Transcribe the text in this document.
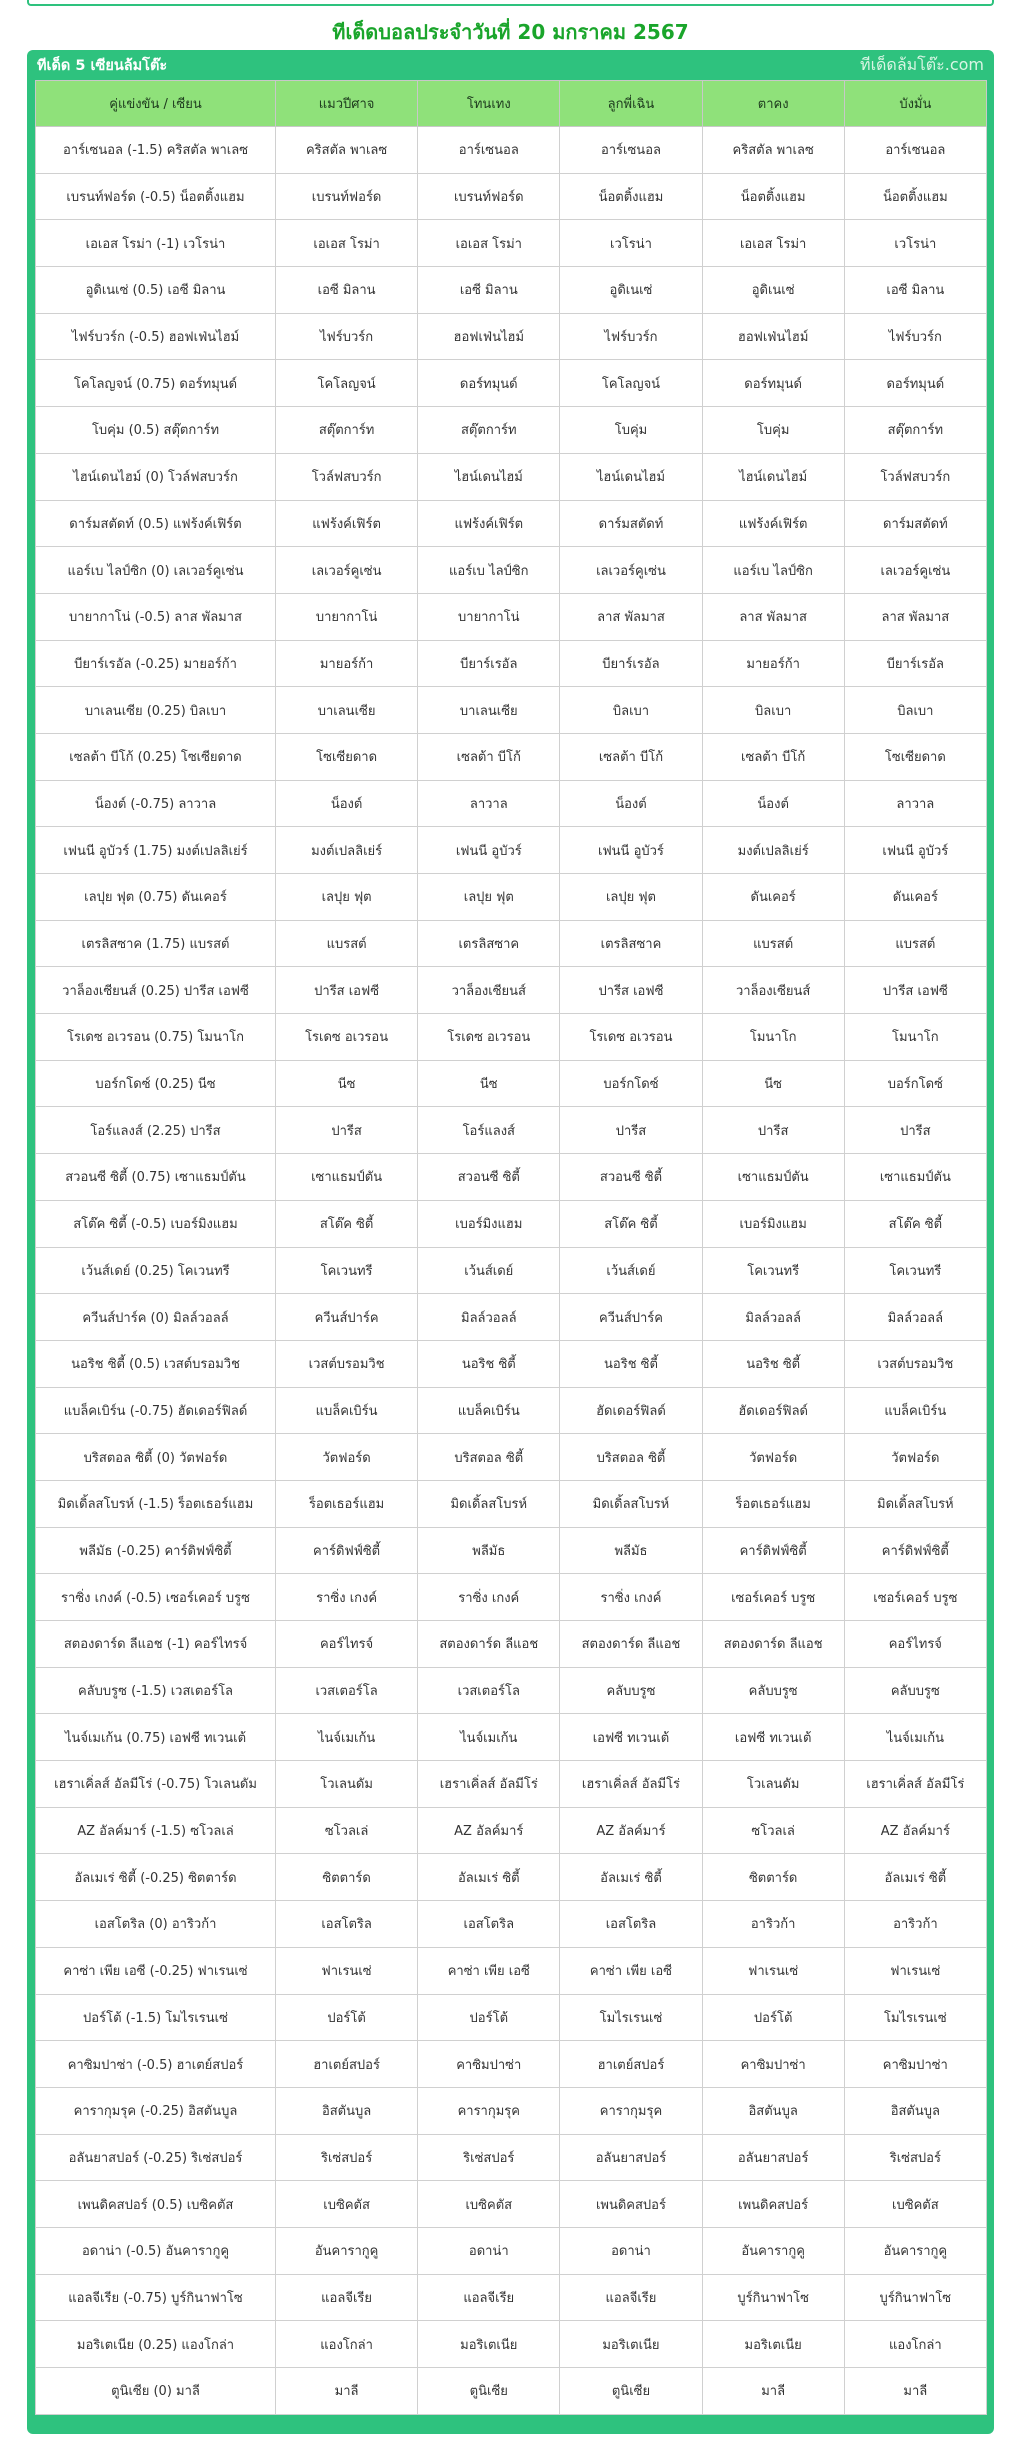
ทีเด็ดบอลประจำวันที่ 20 มกราคม 2567
ทีเด็ด 5 เซียนล้มโต๊ะ	ทีเด็ดล้มโต๊ะ.com
คู่แข่งขัน / เซียน	แมวปีศาจ	โทนเทง	ลูกพี่เฉิน	ตาคง	บังมั่น
อาร์เซนอล (-1.5) คริสตัล พาเลซ	คริสตัล พาเลซ	อาร์เซนอล	อาร์เซนอล	คริสตัล พาเลซ	อาร์เซนอล
เบรนท์ฟอร์ด (-0.5) น็อตติ้งแฮม	เบรนท์ฟอร์ด	เบรนท์ฟอร์ด	น็อตติ้งแฮม	น็อตติ้งแฮม	น็อตติ้งแฮม
เอเอส โรม่า (-1) เวโรน่า	เอเอส โรม่า	เอเอส โรม่า	เวโรน่า	เอเอส โรม่า	เวโรน่า
อูดิเนเซ่ (0.5) เอซี มิลาน	เอซี มิลาน	เอซี มิลาน	อูดิเนเซ่	อูดิเนเซ่	เอซี มิลาน
ไฟร์บวร์ก (-0.5) ฮอฟเฟ่นไฮม์	ไฟร์บวร์ก	ฮอฟเฟ่นไฮม์	ไฟร์บวร์ก	ฮอฟเฟ่นไฮม์	ไฟร์บวร์ก
โคโลญจน์ (0.75) ดอร์ทมุนด์	โคโลญจน์	ดอร์ทมุนด์	โคโลญจน์	ดอร์ทมุนด์	ดอร์ทมุนด์
โบคุ่ม (0.5) สตุ๊ตการ์ท	สตุ๊ตการ์ท	สตุ๊ตการ์ท	โบคุ่ม	โบคุ่ม	สตุ๊ตการ์ท
ไฮน์เดนไฮม์ (0) โวล์ฟสบวร์ก	โวล์ฟสบวร์ก	ไฮน์เดนไฮม์	ไฮน์เดนไฮม์	ไฮน์เดนไฮม์	โวล์ฟสบวร์ก
ดาร์มสตัดท์ (0.5) แฟร้งค์เฟิร์ต	แฟร้งค์เฟิร์ต	แฟร้งค์เฟิร์ต	ดาร์มสตัดท์	แฟร้งค์เฟิร์ต	ดาร์มสตัดท์
แอร์เบ ไลป์ซิก (0) เลเวอร์คูเซ่น	เลเวอร์คูเซ่น	แอร์เบ ไลป์ซิก	เลเวอร์คูเซ่น	แอร์เบ ไลป์ซิก	เลเวอร์คูเซ่น
บายากาโน่ (-0.5) ลาส พัลมาส	บายากาโน่	บายากาโน่	ลาส พัลมาส	ลาส พัลมาส	ลาส พัลมาส
บียาร์เรอัล (-0.25) มายอร์ก้า	มายอร์ก้า	บียาร์เรอัล	บียาร์เรอัล	มายอร์ก้า	บียาร์เรอัล
บาเลนเซีย (0.25) บิลเบา	บาเลนเซีย	บาเลนเซีย	บิลเบา	บิลเบา	บิลเบา
เซลต้า บีโก้ (0.25) โซเซียดาด	โซเซียดาด	เซลต้า บีโก้	เซลต้า บีโก้	เซลต้า บีโก้	โซเซียดาด
น็องต์ (-0.75) ลาวาล	น็องต์	ลาวาล	น็องต์	น็องต์	ลาวาล
เฟนนี อูบัวร์ (1.75) มงต์เปลลิเย่ร์	มงต์เปลลิเย่ร์	เฟนนี อูบัวร์	เฟนนี อูบัวร์	มงต์เปลลิเย่ร์	เฟนนี อูบัวร์
เลปุย ฟุต (0.75) ดันเคอร์	เลปุย ฟุต	เลปุย ฟุต	เลปุย ฟุต	ดันเคอร์	ดันเคอร์
เตรลิสซาค (1.75) แบรสต์	แบรสต์	เตรลิสซาค	เตรลิสซาค	แบรสต์	แบรสต์
วาล็องเซียนส์ (0.25) ปารีส เอฟซี	ปารีส เอฟซี	วาล็องเซียนส์	ปารีส เอฟซี	วาล็องเซียนส์	ปารีส เอฟซี
โรเดซ อเวรอน (0.75) โมนาโก	โรเดซ อเวรอน	โรเดซ อเวรอน	โรเดซ อเวรอน	โมนาโก	โมนาโก
บอร์กโดซ์ (0.25) นีซ	นีซ	นีซ	บอร์กโดซ์	นีซ	บอร์กโดซ์
โอร์แลงส์ (2.25) ปารีส	ปารีส	โอร์แลงส์	ปารีส	ปารีส	ปารีส
สวอนซี ซิตี้ (0.75) เซาแธมป์ตัน	เซาแธมป์ตัน	สวอนซี ซิตี้	สวอนซี ซิตี้	เซาแธมป์ตัน	เซาแธมป์ตัน
สโต๊ค ซิตี้ (-0.5) เบอร์มิงแฮม	สโต๊ค ซิตี้	เบอร์มิงแฮม	สโต๊ค ซิตี้	เบอร์มิงแฮม	สโต๊ค ซิตี้
เว้นส์เดย์ (0.25) โคเวนทรี	โคเวนทรี	เว้นส์เดย์	เว้นส์เดย์	โคเวนทรี	โคเวนทรี
ควีนส์ปาร์ค (0) มิลล์วอลล์	ควีนส์ปาร์ค	มิลล์วอลล์	ควีนส์ปาร์ค	มิลล์วอลล์	มิลล์วอลล์
นอริช ซิตี้ (0.5) เวสต์บรอมวิช	เวสต์บรอมวิช	นอริช ซิตี้	นอริช ซิตี้	นอริช ซิตี้	เวสต์บรอมวิช
แบล็คเบิร์น (-0.75) ฮัดเดอร์ฟิลด์	แบล็คเบิร์น	แบล็คเบิร์น	ฮัดเดอร์ฟิลด์	ฮัดเดอร์ฟิลด์	แบล็คเบิร์น
บริสตอล ซิตี้ (0) วัตฟอร์ด	วัตฟอร์ด	บริสตอล ซิตี้	บริสตอล ซิตี้	วัตฟอร์ด	วัตฟอร์ด
มิดเดิ้ลสโบรห์ (-1.5) ร็อตเธอร์แฮม	ร็อตเธอร์แฮม	มิดเดิ้ลสโบรห์	มิดเดิ้ลสโบรห์	ร็อตเธอร์แฮม	มิดเดิ้ลสโบรห์
พลีมัธ (-0.25) คาร์ดิฟฟ์ซิตี้	คาร์ดิฟฟ์ซิตี้	พลีมัธ	พลีมัธ	คาร์ดิฟฟ์ซิตี้	คาร์ดิฟฟ์ซิตี้
ราซิ่ง เกงค์ (-0.5) เซอร์เคอร์ บรูซ	ราซิ่ง เกงค์	ราซิ่ง เกงค์	ราซิ่ง เกงค์	เซอร์เคอร์ บรูซ	เซอร์เคอร์ บรูซ
สตองดาร์ด ลีแอช (-1) คอร์ไทรจ์	คอร์ไทรจ์	สตองดาร์ด ลีแอช	สตองดาร์ด ลีแอช	สตองดาร์ด ลีแอช	คอร์ไทรจ์
คลับบรูซ (-1.5) เวสเตอร์โล	เวสเตอร์โล	เวสเตอร์โล	คลับบรูซ	คลับบรูซ	คลับบรูซ
ไนจ์เมเก้น (0.75) เอฟซี ทเวนเต้	ไนจ์เมเก้น	ไนจ์เมเก้น	เอฟซี ทเวนเต้	เอฟซี ทเวนเต้	ไนจ์เมเก้น
เฮราเคิ่ลส์ อัลมีโร่ (-0.75) โวเลนดัม	โวเลนดัม	เฮราเคิ่ลส์ อัลมีโร่	เฮราเคิ่ลส์ อัลมีโร่	โวเลนดัม	เฮราเคิ่ลส์ อัลมีโร่
AZ อัลค์มาร์ (-1.5) ซโวลเล่	ซโวลเล่	AZ อัลค์มาร์	AZ อัลค์มาร์	ซโวลเล่	AZ อัลค์มาร์
อัลเมเร่ ซิตี้ (-0.25) ซิตตาร์ด	ซิตตาร์ด	อัลเมเร่ ซิตี้	อัลเมเร่ ซิตี้	ซิตตาร์ด	อัลเมเร่ ซิตี้
เอสโตริล (0) อาริวก้า	เอสโตริล	เอสโตริล	เอสโตริล	อาริวก้า	อาริวก้า
คาซ่า เพีย เอซี (-0.25) ฟาเรนเซ่	ฟาเรนเซ่	คาซ่า เพีย เอซี	คาซ่า เพีย เอซี	ฟาเรนเซ่	ฟาเรนเซ่
ปอร์โต้ (-1.5) โมไรเรนเซ่	ปอร์โต้	ปอร์โต้	โมไรเรนเซ่	ปอร์โต้	โมไรเรนเซ่
คาซิมปาซ่า (-0.5) ฮาเตย์สปอร์	ฮาเตย์สปอร์	คาซิมปาซ่า	ฮาเตย์สปอร์	คาซิมปาซ่า	คาซิมปาซ่า
คารากุมรุค (-0.25) อิสตันบูล	อิสตันบูล	คารากุมรุค	คารากุมรุค	อิสตันบูล	อิสตันบูล
อลันยาสปอร์ (-0.25) ริเซ่สปอร์	ริเซ่สปอร์	ริเซ่สปอร์	อลันยาสปอร์	อลันยาสปอร์	ริเซ่สปอร์
เพนดิคสปอร์ (0.5) เบซิคตัส	เบซิคตัส	เบซิคตัส	เพนดิคสปอร์	เพนดิคสปอร์	เบซิคตัส
อดาน่า (-0.5) อันคารากูคู	อันคารากูคู	อดาน่า	อดาน่า	อันคารากูคู	อันคารากูคู
แอลจีเรีย (-0.75) บูร์กินาฟาโซ	แอลจีเรีย	แอลจีเรีย	แอลจีเรีย	บูร์กินาฟาโซ	บูร์กินาฟาโซ
มอริเตเนีย (0.25) แองโกล่า	แองโกล่า	มอริเตเนีย	มอริเตเนีย	มอริเตเนีย	แองโกล่า
ตูนิเซีย (0) มาลี	มาลี	ตูนิเซีย	ตูนิเซีย	มาลี	มาลี
